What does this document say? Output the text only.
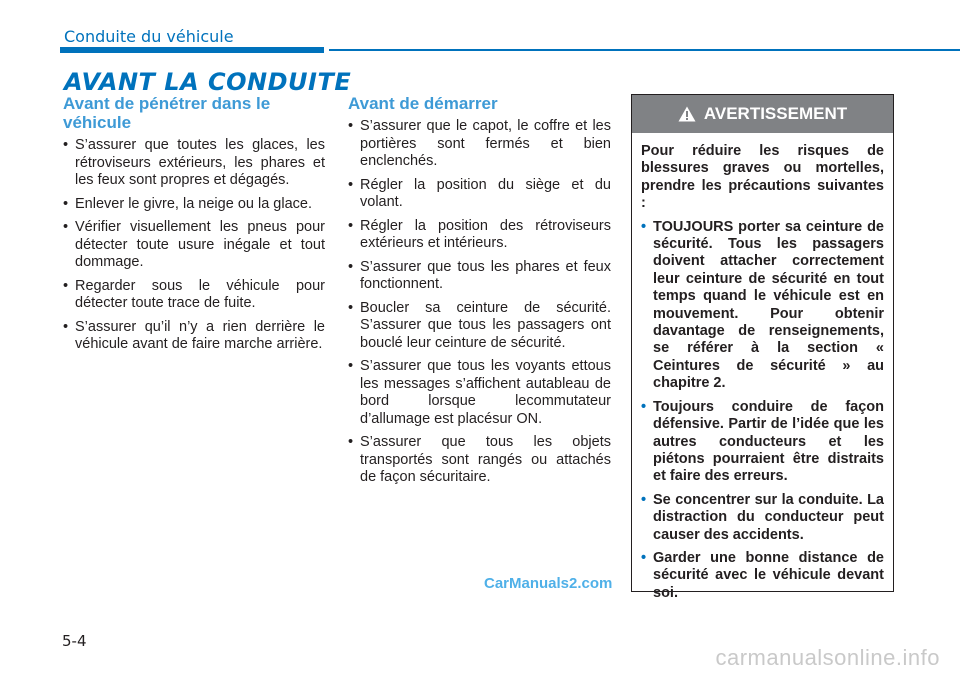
Conduite du véhicule
AVANT LA CONDUITE
Avant de pénétrer dans le véhicule
• S’assurer que toutes les glaces, les rétroviseurs extérieurs, les phares et les feux sont propres et dégagés.
• Enlever le givre, la neige ou la glace.
• Vérifier visuellement les pneus pour détecter toute usure inégale et tout dommage.
• Regarder sous le véhicule pour détecter toute trace de fuite.
• S’assurer qu’il n’y a rien derrière le véhicule avant de faire marche arrière.
Avant de démarrer
• S’assurer que le capot, le coffre et les portières sont fermés et bien enclenchés.
• Régler la position du siège et du volant.
• Régler la position des rétroviseurs extérieurs et intérieurs.
• S’assurer que tous les phares et feux fonctionnent.
• Boucler sa ceinture de sécurité. S’assurer que tous les passagers ont bouclé leur ceinture de sécurité.
• S’assurer que tous les voyants ettous les messages s’affichent autableau de bord lorsque lecommutateur d’allumage est placésur ON.
• S’assurer que tous les objets transportés sont rangés ou attachés de façon sécuritaire.
AVERTISSEMENT

Pour réduire les risques de blessures graves ou mortelles, prendre les précautions suivantes :

• TOUJOURS porter sa ceinture de sécurité. Tous les passagers doivent attacher correctement leur ceinture de sécurité en tout temps quand le véhicule est en mouvement. Pour obtenir davantage de renseignements, se référer à la section « Ceintures de sécurité » au chapitre 2.
• Toujours conduire de façon défensive. Partir de l’idée que les autres conducteurs et les piétons pourraient être distraits et faire des erreurs.
• Se concentrer sur la conduite. La distraction du conducteur peut causer des accidents.
• Garder une bonne distance de sécurité avec le véhicule devant soi.
CarManuals2.com
5-4
carmanualsonline.info
